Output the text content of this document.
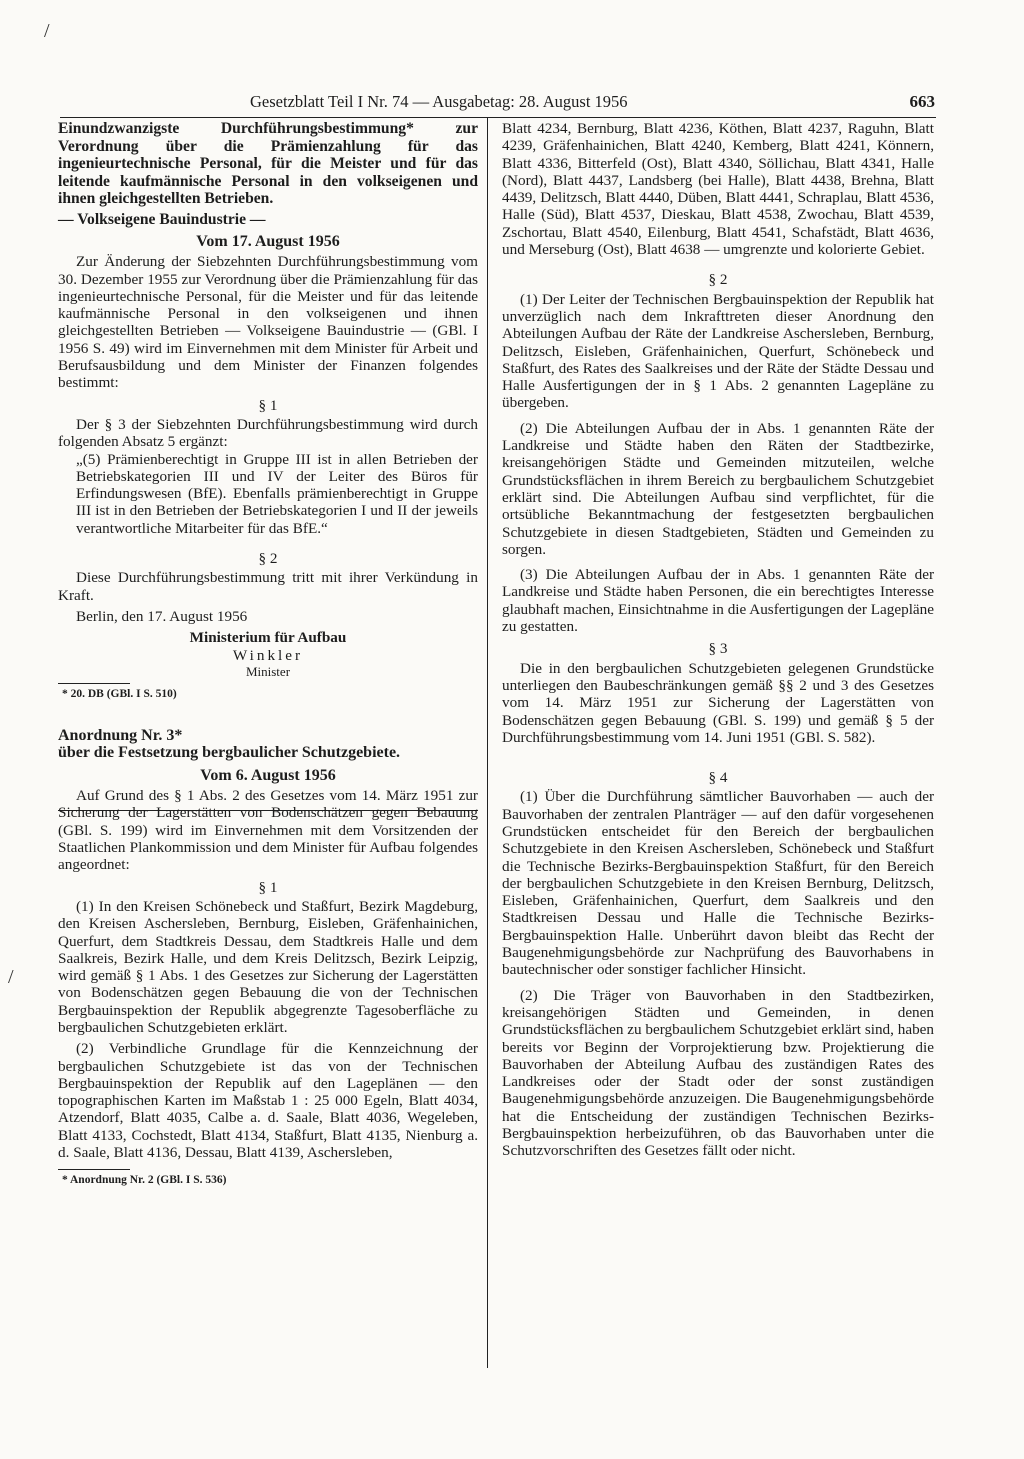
/
/
Gesetzblatt Teil I Nr. 74 — Ausgabetag: 28. August 1956	663

Einundzwanzigste Durchführungsbestimmung* zur Verordnung über die Prämienzahlung für das ingenieurtechnische Personal, für die Meister und für das leitende kaufmännische Personal in den volkseigenen und ihnen gleichgestellten Betrieben.

— Volkseigene Bauindustrie —

Vom 17. August 1956

Zur Änderung der Siebzehnten Durchführungsbestimmung vom 30. Dezember 1955 zur Verordnung über die Prämienzahlung für das ingenieurtechnische Personal, für die Meister und für das leitende kaufmännische Personal in den volkseigenen und ihnen gleichgestellten Betrieben — Volkseigene Bauindustrie — (GBl. I 1956 S. 49) wird im Einvernehmen mit dem Minister für Arbeit und Berufsausbildung und dem Minister der Finanzen folgendes bestimmt:

§ 1

Der § 3 der Siebzehnten Durchführungsbestimmung wird durch folgenden Absatz 5 ergänzt:

„(5) Prämienberechtigt in Gruppe III ist in allen Betrieben der Betriebskategorien III und IV der Leiter des Büros für Erfindungswesen (BfE). Ebenfalls prämienberechtigt in Gruppe III ist in den Betrieben der Betriebskategorien I und II der jeweils verantwortliche Mitarbeiter für das BfE.“

§ 2

Diese Durchführungsbestimmung tritt mit ihrer Verkündung in Kraft.

Berlin, den 17. August 1956

Ministerium für Aufbau

Winkler

Minister

* 20. DB (GBl. I S. 510)

Anordnung Nr. 3*

über die Festsetzung bergbaulicher Schutzgebiete.

Vom 6. August 1956

Auf Grund des § 1 Abs. 2 des Gesetzes vom 14. März 1951 zur Sicherung der Lagerstätten von Bodenschätzen gegen Bebauung (GBl. S. 199) wird im Einvernehmen mit dem Vorsitzenden der Staatlichen Plankommission und dem Minister für Aufbau folgendes angeordnet:

§ 1

(1) In den Kreisen Schönebeck und Staßfurt, Bezirk Magdeburg, den Kreisen Aschersleben, Bernburg, Eisleben, Gräfenhainichen, Querfurt, dem Stadtkreis Dessau, dem Stadtkreis Halle und dem Saalkreis, Bezirk Halle, und dem Kreis Delitzsch, Bezirk Leipzig, wird gemäß § 1 Abs. 1 des Gesetzes zur Sicherung der Lagerstätten von Bodenschätzen gegen Bebauung die von der Technischen Bergbauinspektion der Republik abgegrenzte Tagesoberfläche zu bergbaulichen Schutzgebieten erklärt.

(2) Verbindliche Grundlage für die Kennzeichnung der bergbaulichen Schutzgebiete ist das von der Technischen Bergbauinspektion der Republik auf den Lageplänen — den topographischen Karten im Maßstab 1 : 25 000 Egeln, Blatt 4034, Atzendorf, Blatt 4035, Calbe a. d. Saale, Blatt 4036, Wegeleben, Blatt 4133, Cochstedt, Blatt 4134, Staßfurt, Blatt 4135, Nienburg a. d. Saale, Blatt 4136, Dessau, Blatt 4139, Aschersleben,

* Anordnung Nr. 2 (GBl. I S. 536)

Blatt 4234, Bernburg, Blatt 4236, Köthen, Blatt 4237, Raguhn, Blatt 4239, Gräfenhainichen, Blatt 4240, Kemberg, Blatt 4241, Könnern, Blatt 4336, Bitterfeld (Ost), Blatt 4340, Söllichau, Blatt 4341, Halle (Nord), Blatt 4437, Landsberg (bei Halle), Blatt 4438, Brehna, Blatt 4439, Delitzsch, Blatt 4440, Düben, Blatt 4441, Schraplau, Blatt 4536, Halle (Süd), Blatt 4537, Dieskau, Blatt 4538, Zwochau, Blatt 4539, Zschortau, Blatt 4540, Eilenburg, Blatt 4541, Schafstädt, Blatt 4636, und Merseburg (Ost), Blatt 4638 — umgrenzte und kolorierte Gebiet.

§ 2

(1) Der Leiter der Technischen Bergbauinspektion der Republik hat unverzüglich nach dem Inkrafttreten dieser Anordnung den Abteilungen Aufbau der Räte der Landkreise Aschersleben, Bernburg, Delitzsch, Eisleben, Gräfenhainichen, Querfurt, Schönebeck und Staßfurt, des Rates des Saalkreises und der Räte der Städte Dessau und Halle Ausfertigungen der in § 1 Abs. 2 genannten Lagepläne zu übergeben.

(2) Die Abteilungen Aufbau der in Abs. 1 genannten Räte der Landkreise und Städte haben den Räten der Stadtbezirke, kreisangehörigen Städte und Gemeinden mitzuteilen, welche Grundstücksflächen in ihrem Bereich zu bergbaulichem Schutzgebiet erklärt sind. Die Abteilungen Aufbau sind verpflichtet, für die ortsübliche Bekanntmachung der festgesetzten bergbaulichen Schutzgebiete in diesen Stadtgebieten, Städten und Gemeinden zu sorgen.

(3) Die Abteilungen Aufbau der in Abs. 1 genannten Räte der Landkreise und Städte haben Personen, die ein berechtigtes Interesse glaubhaft machen, Einsichtnahme in die Ausfertigungen der Lagepläne zu gestatten.

§ 3

Die in den bergbaulichen Schutzgebieten gelegenen Grundstücke unterliegen den Baubeschränkungen gemäß §§ 2 und 3 des Gesetzes vom 14. März 1951 zur Sicherung der Lagerstätten von Bodenschätzen gegen Bebauung (GBl. S. 199) und gemäß § 5 der Durchführungsbestimmung vom 14. Juni 1951 (GBl. S. 582).

§ 4

(1) Über die Durchführung sämtlicher Bauvorhaben — auch der Bauvorhaben der zentralen Planträger — auf den dafür vorgesehenen Grundstücken entscheidet für den Bereich der bergbaulichen Schutzgebiete in den Kreisen Aschersleben, Schönebeck und Staßfurt die Technische Bezirks-Bergbauinspektion Staßfurt, für den Bereich der bergbaulichen Schutzgebiete in den Kreisen Bernburg, Delitzsch, Eisleben, Gräfenhainichen, Querfurt, dem Saalkreis und den Stadtkreisen Dessau und Halle die Technische Bezirks-Bergbauinspektion Halle. Unberührt davon bleibt das Recht der Baugenehmigungsbehörde zur Nachprüfung des Bauvorhabens in bautechnischer oder sonstiger fachlicher Hinsicht.

(2) Die Träger von Bauvorhaben in den Stadtbezirken, kreisangehörigen Städten und Gemeinden, in denen Grundstücksflächen zu bergbaulichem Schutzgebiet erklärt sind, haben bereits vor Beginn der Vorprojektierung bzw. Projektierung die Bauvorhaben der Abteilung Aufbau des zuständigen Rates des Landkreises oder der Stadt oder der sonst zuständigen Baugenehmigungsbehörde anzuzeigen. Die Baugenehmigungsbehörde hat die Entscheidung der zuständigen Technischen Bezirks-Bergbauinspektion herbeizuführen, ob das Bauvorhaben unter die Schutzvorschriften des Gesetzes fällt oder nicht.
